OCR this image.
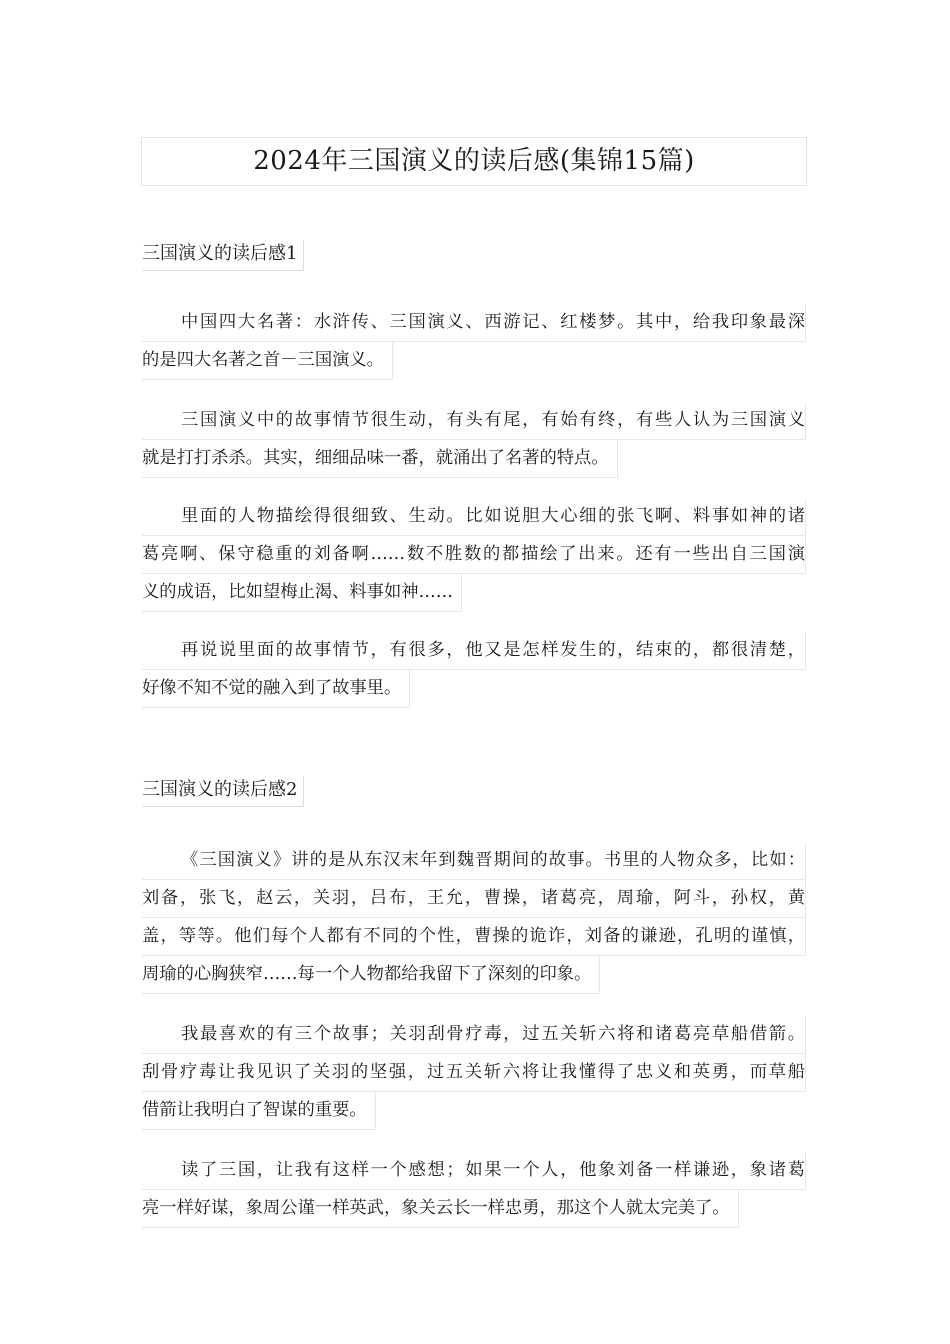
2024年三国演义的读后感(集锦15篇)
三国演义的读后感1
中国四大名著：水浒传、三国演义、西游记、红楼梦。其中，给我印象最深
的是四大名著之首－三国演义。
三国演义中的故事情节很生动，有头有尾，有始有终，有些人认为三国演义
就是打打杀杀。其实，细细品味一番，就涌出了名著的特点。
里面的人物描绘得很细致、生动。比如说胆大心细的张飞啊、料事如神的诸
葛亮啊、保守稳重的刘备啊……数不胜数的都描绘了出来。还有一些出自三国演
义的成语，比如望梅止渴、料事如神……
再说说里面的故事情节，有很多，他又是怎样发生的，结束的，都很清楚，
好像不知不觉的融入到了故事里。
三国演义的读后感2
《三国演义》讲的是从东汉末年到魏晋期间的故事。书里的人物众多，比如：
刘备，张飞，赵云，关羽，吕布，王允，曹操，诸葛亮，周瑜，阿斗，孙权，黄
盖，等等。他们每个人都有不同的个性，曹操的诡诈，刘备的谦逊，孔明的谨慎，
周瑜的心胸狭窄……每一个人物都给我留下了深刻的印象。
我最喜欢的有三个故事；关羽刮骨疗毒，过五关斩六将和诸葛亮草船借箭。
刮骨疗毒让我见识了关羽的坚强，过五关斩六将让我懂得了忠义和英勇，而草船
借箭让我明白了智谋的重要。
读了三国，让我有这样一个感想；如果一个人，他象刘备一样谦逊，象诸葛
亮一样好谋，象周公谨一样英武，象关云长一样忠勇，那这个人就太完美了。
